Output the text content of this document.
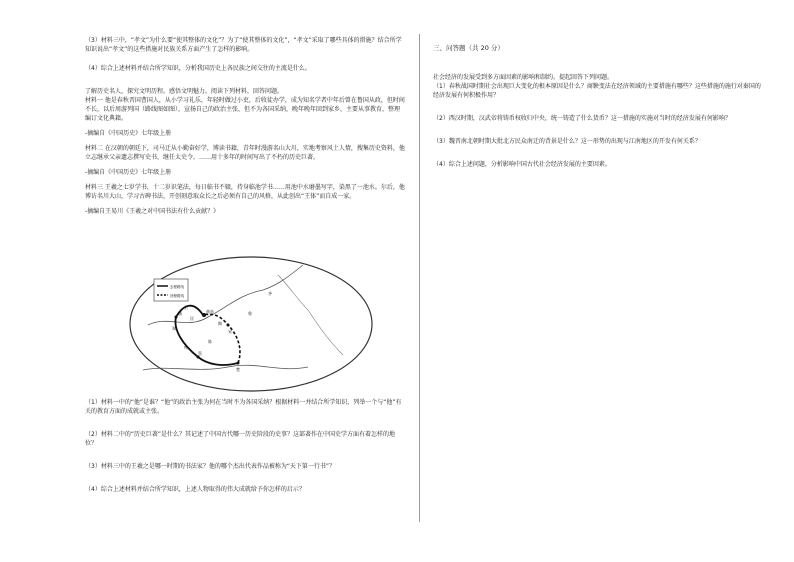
（3）材料三中，“孝文”为什么要“使其整体的文化”？为了“使其整体的文化”，“孝文”采取了哪些具体的措施？结合所学知识说出“孝文”的这些措施对民族关系方面产生了怎样的影响。

（4）综合上述材料并结合所学知识，分析我国历史上各民族之间交往的主流是什么。

了解历史名人，探究文明历程。感悟文明魅力。阅读下列材料，回答问题。

材料一 他是春秋晋国曹国人，从小学习礼乐，年轻时做过小吏，后收徒办学，成为知名学者中年后曾在鲁国从政，但时间不长，以后周游列国（路线图如图），宣扬自己的政治主张，但不为各国采纳，晚年晚年回到家乡，主要从事教育，整理编订文化典籍。

-摘编自《中国历史》七年级上册

材料二 在汉朝的朝廷下，司马迁从小勤奋好学，博读书籍，青年时漫游名山大川，实地考察风土人情，搜集历史资料，他立志继承父亲遗志撰写史书，继任太史令。……用十多年的时间写出了不朽的历史巨著。

-摘编自《中国历史》七年级上册

材料三 王羲之七岁学书，十二岁识笔法，每日临书不辍，持身临池学书……用池中水磨墨写字，染黑了一池水。尔后，他博访名川大山，学习古碑书法，开创刻意取众长之后必须有自己的风格，从此创出“王体”而自成一家。

-摘编自王易川《王羲之对中国书法有什么贡献？》

去程路线
回程路线
曲阜
陶
宋
卫
匡
郑
蒲
陈
蔡
楚
叶
鲁
齐

（1）材料一中的“他”是谁？“他”的政治主张为何在当时不为各国采纳？根据材料一并结合所学知识，列举一个与“他”有关的教育方面的成就或主张。

（2）材料二中的“历史巨著”是什么？其记述了中国古代哪一历史阶段的史事？这部著作在中国史学方面有着怎样的地位？

（3）材料三中的王羲之是哪一时期的书法家？他的哪个杰出代表作品被称为“天下第一行书”？

（4）综合上述材料并结合所学知识，上述人物取得的伟大成就给予你怎样的启示？

三、问答题（共 20 分）

社会经济的发展受到多方面因素的影响和制约。提起回答下列问题。

（1）春秋战国时期社会出现巨大变化的根本原因是什么？商鞅变法在经济领域的主要措施有哪些？这些措施的施行对秦国的经济发展有何积极作用？

（2）西汉时期，汉武帝将铸币权收归中央，统一铸造了什么货币？这一措施的实施对当时的经济发展有何影响？

（3）魏晋南北朝时期大批北方民众南迁的背景是什么？这一形势的出现与江南地区的开发有何关系？

（4）综合上述问题，分析影响中国古代社会经济发展的主要因素。
